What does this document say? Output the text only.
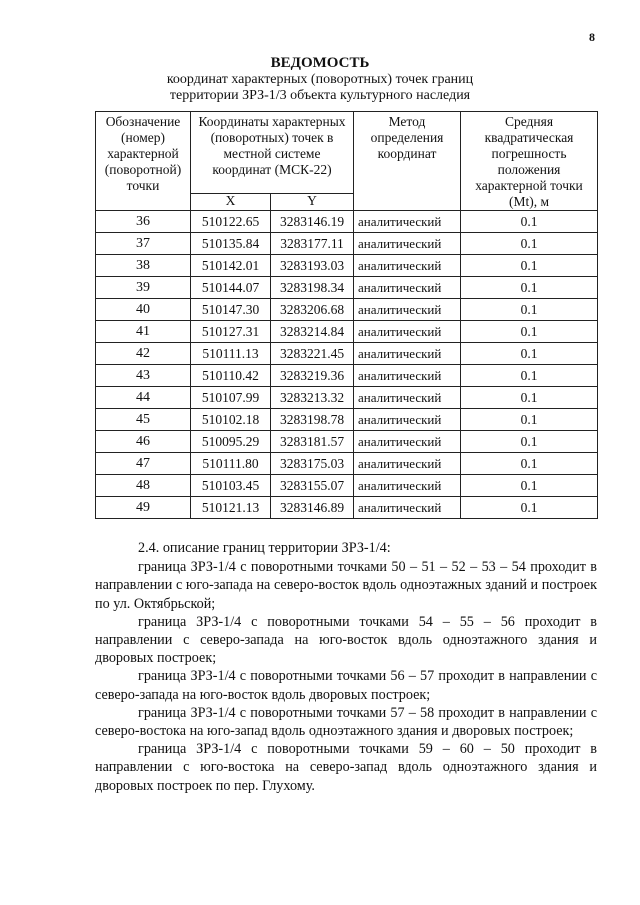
8
ВЕДОМОСТЬ
координат характерных (поворотных) точек границ
территории ЗРЗ-1/3 объекта культурного наследия
Обозначение (номер) характерной (поворотной) точки	Координаты характерных (поворотных) точек в местной системе координат (МСК-22)		Метод определения координат	Средняя квадратическая погрешность положения характерной точки (Mt), м
	X	Y		
36	510122.65	3283146.19	аналитический	0.1
37	510135.84	3283177.11	аналитический	0.1
38	510142.01	3283193.03	аналитический	0.1
39	510144.07	3283198.34	аналитический	0.1
40	510147.30	3283206.68	аналитический	0.1
41	510127.31	3283214.84	аналитический	0.1
42	510111.13	3283221.45	аналитический	0.1
43	510110.42	3283219.36	аналитический	0.1
44	510107.99	3283213.32	аналитический	0.1
45	510102.18	3283198.78	аналитический	0.1
46	510095.29	3283181.57	аналитический	0.1
47	510111.80	3283175.03	аналитический	0.1
48	510103.45	3283155.07	аналитический	0.1
49	510121.13	3283146.89	аналитический	0.1

2.4. описание границ территории ЗРЗ-1/4:

граница ЗРЗ-1/4 с поворотными точками 50 – 51 – 52 – 53 – 54 проходит в направлении с юго-запада на северо-восток вдоль одноэтажных зданий и построек по ул. Октябрьской;

граница ЗРЗ-1/4 с поворотными точками 54 – 55 – 56 проходит в направлении с северо-запада на юго-восток вдоль одноэтажного здания и дворовых построек;

граница ЗРЗ-1/4 с поворотными точками 56 – 57 проходит в направлении с северо-запада на юго-восток вдоль дворовых построек;

граница ЗРЗ-1/4 с поворотными точками 57 – 58 проходит в направлении с северо-востока на юго-запад вдоль одноэтажного здания и дворовых построек;

граница ЗРЗ-1/4 с поворотными точками 59 – 60 – 50 проходит в направлении с юго-востока на северо-запад вдоль одноэтажного здания и дворовых построек по пер. Глухому.
